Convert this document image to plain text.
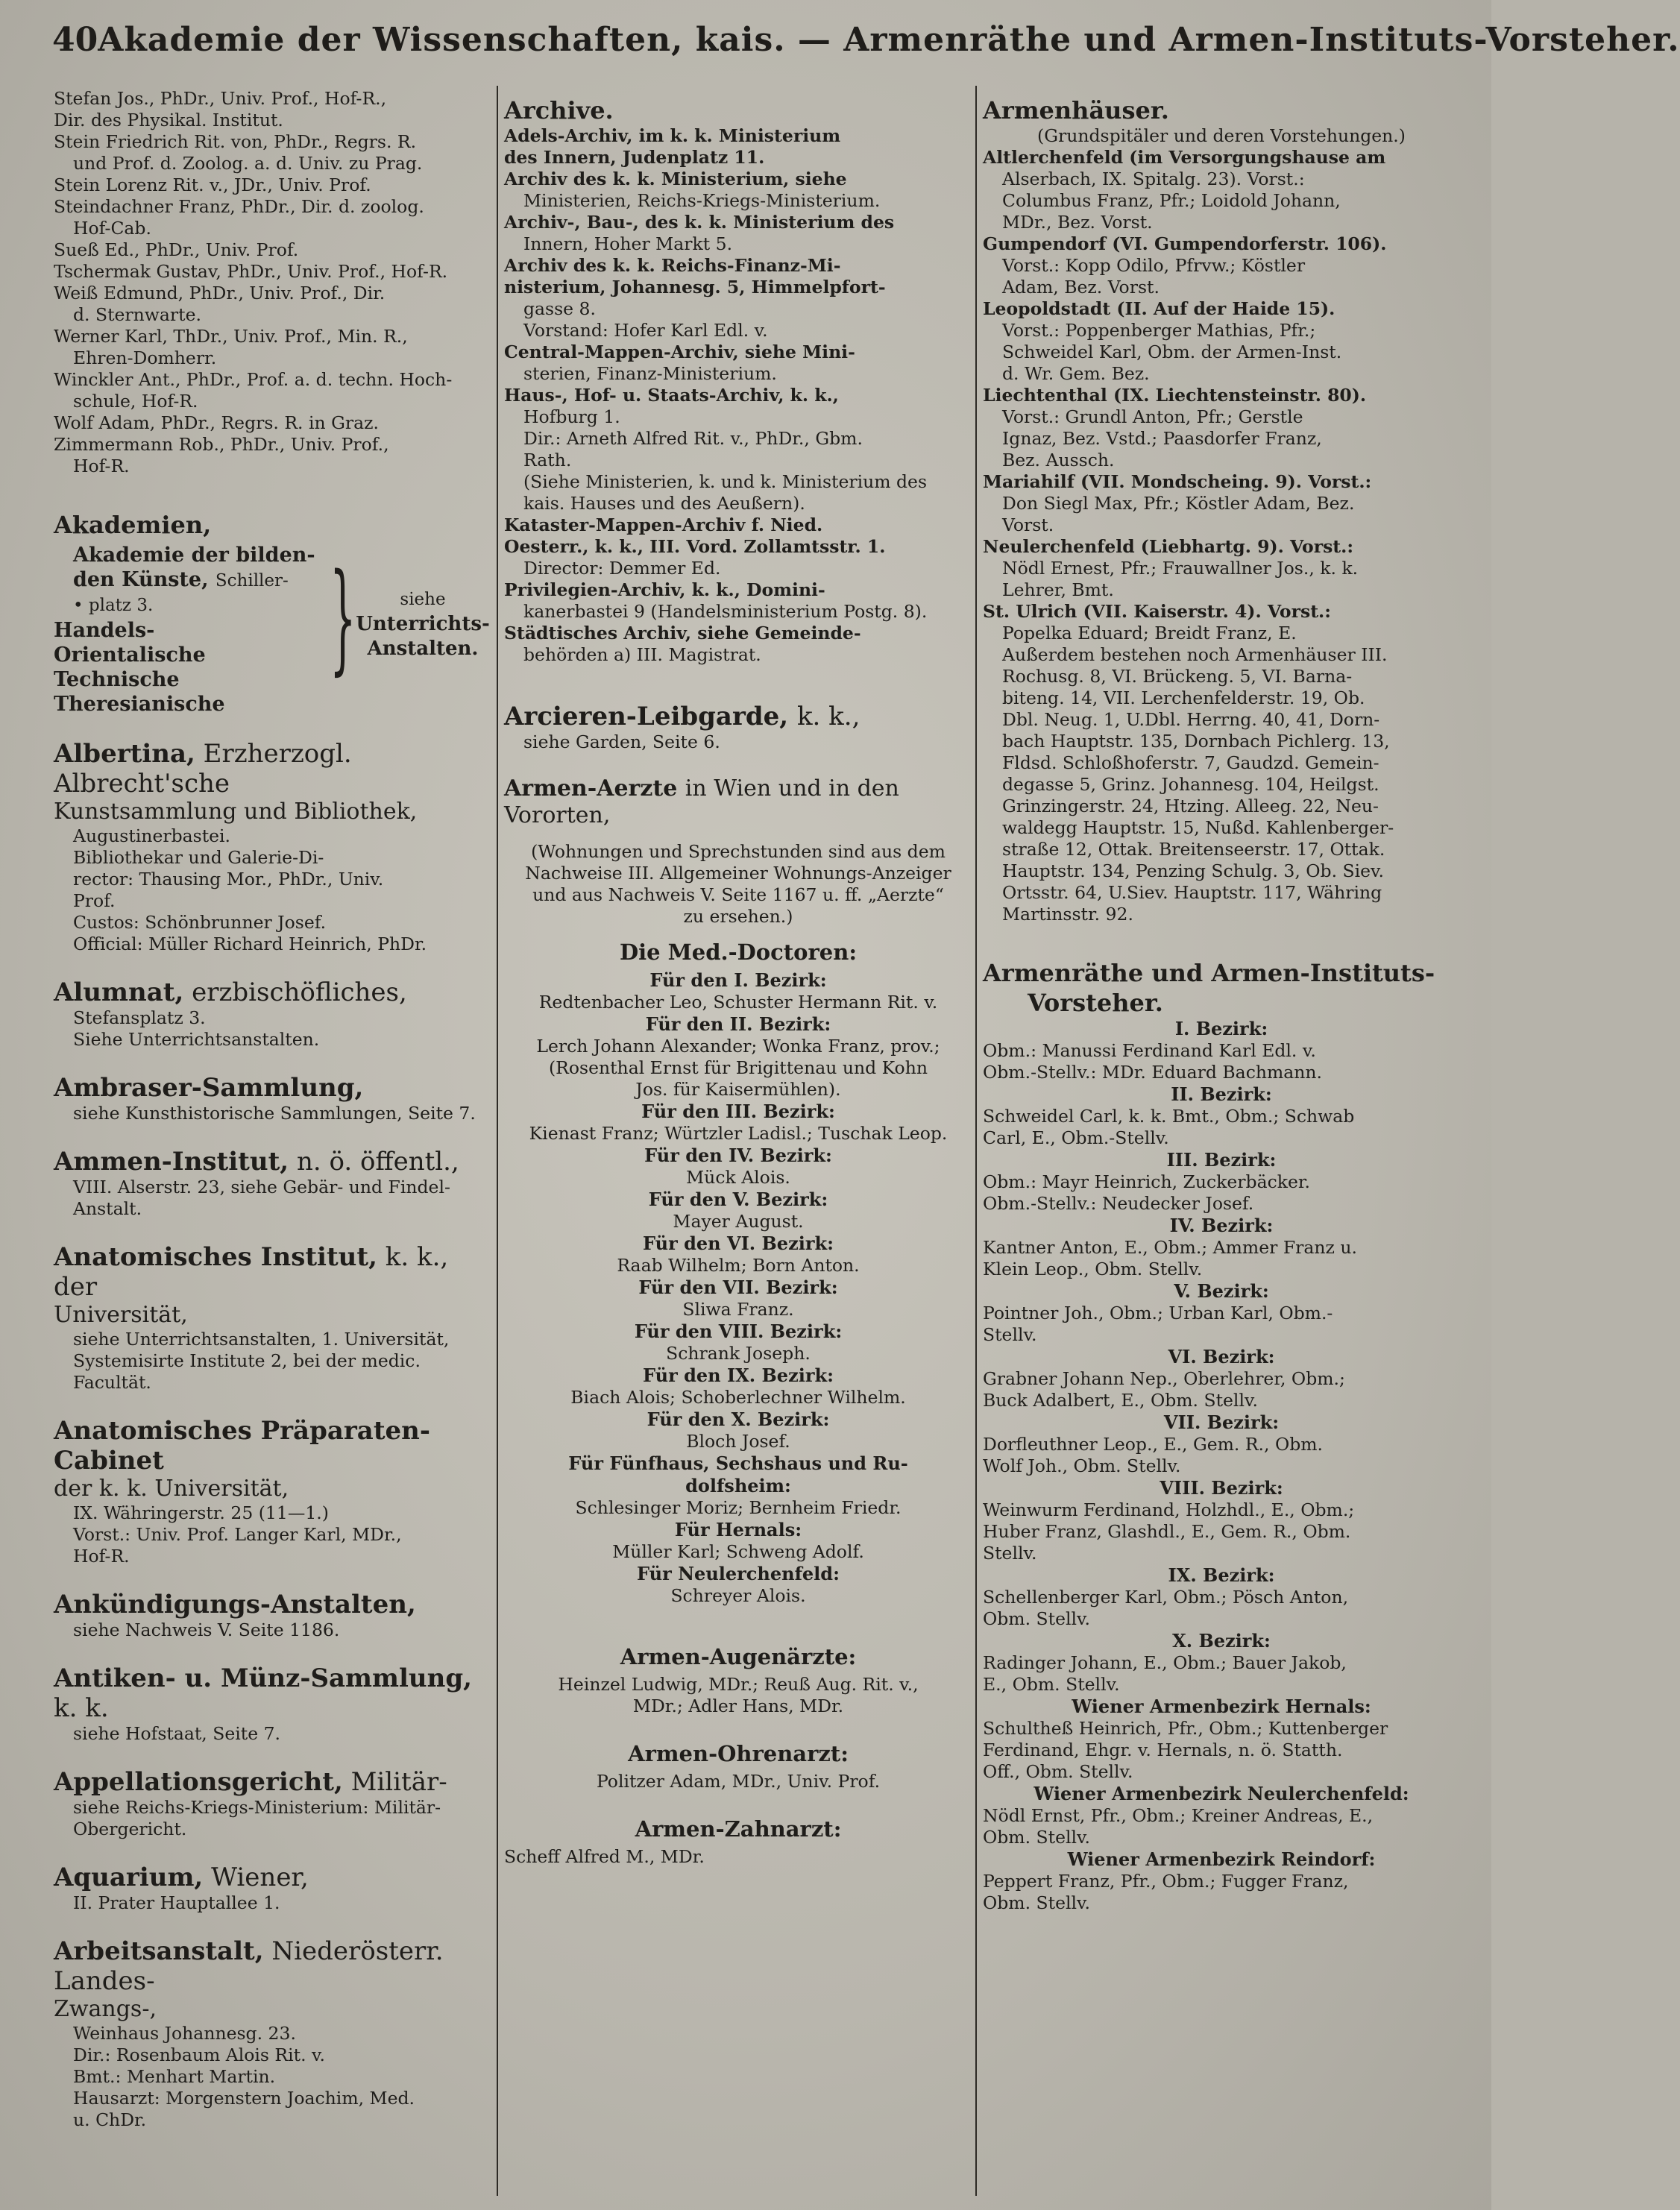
40 Akademie der Wissenschaften, kais. — Armenräthe und Armen-Instituts-Vorsteher.
Stefan Jos., PhDr., Univ. Prof., Hof-R.,
Dir. des Physikal. Institut.
Stein Friedrich Rit. von, PhDr., Regrs. R.
und Prof. d. Zoolog. a. d. Univ. zu Prag.
Stein Lorenz Rit. v., JDr., Univ. Prof.
Steindachner Franz, PhDr., Dir. d. zoolog.
Hof-Cab.
Sueß Ed., PhDr., Univ. Prof.
Tschermak Gustav, PhDr., Univ. Prof., Hof-R.
Weiß Edmund, PhDr., Univ. Prof., Dir.
d. Sternwarte.
Werner Karl, ThDr., Univ. Prof., Min. R.,
Ehren-Domherr.
Winckler Ant., PhDr., Prof. a. d. techn. Hoch-
schule, Hof-R.
Wolf Adam, PhDr., Regrs. R. in Graz.
Zimmermann Rob., PhDr., Univ. Prof.,
Hof-R.
Akademien,
Akademie der bilden-
den Künste, Schiller-
• platz 3.
Handels-
Orientalische
Technische
Theresianische
}	siehe
Unterrichts-
Anstalten.
Albertina, Erzherzogl. Albrecht'sche
Kunstsammlung und Bibliothek,
Augustinerbastei.
Bibliothekar und Galerie-Di-
rector: Thausing Mor., PhDr., Univ.
Prof.
Custos: Schönbrunner Josef.
Official: Müller Richard Heinrich, PhDr.
Alumnat, erzbischöfliches,
Stefansplatz 3.
Siehe Unterrichtsanstalten.
Ambraser-Sammlung,
siehe Kunsthistorische Sammlungen, Seite 7.
Ammen-Institut, n. ö. öffentl.,
VIII. Alserstr. 23, siehe Gebär- und Findel-
Anstalt.
Anatomisches Institut, k. k., der
Universität,
siehe Unterrichtsanstalten, 1. Universität,
Systemisirte Institute 2, bei der medic.
Facultät.
Anatomisches Präparaten-Cabinet
der k. k. Universität,
IX. Währingerstr. 25 (11—1.)
Vorst.: Univ. Prof. Langer Karl, MDr.,
Hof-R.
Ankündigungs-Anstalten,
siehe Nachweis V. Seite 1186.
Antiken- u. Münz-Sammlung, k. k.
siehe Hofstaat, Seite 7.
Appellationsgericht, Militär-
siehe Reichs-Kriegs-Ministerium: Militär-
Obergericht.
Aquarium, Wiener,
II. Prater Hauptallee 1.
Arbeitsanstalt, Niederösterr. Landes-
Zwangs-,
Weinhaus Johannesg. 23.
Dir.: Rosenbaum Alois Rit. v.
Bmt.: Menhart Martin.
Hausarzt: Morgenstern Joachim, Med.
u. ChDr.
Archive.
Adels-Archiv, im k. k. Ministerium
des Innern, Judenplatz 11.
Archiv des k. k. Ministerium, siehe
Ministerien, Reichs-Kriegs-Ministerium.
Archiv-, Bau-, des k. k. Ministerium des
Innern, Hoher Markt 5.
Archiv des k. k. Reichs-Finanz-Mi-
nisterium, Johannesg. 5, Himmelpfort-
gasse 8.
Vorstand: Hofer Karl Edl. v.
Central-Mappen-Archiv, siehe Mini-
sterien, Finanz-Ministerium.
Haus-, Hof- u. Staats-Archiv, k. k.,
Hofburg 1.
Dir.: Arneth Alfred Rit. v., PhDr., Gbm.
Rath.
(Siehe Ministerien, k. und k. Ministerium des
kais. Hauses und des Aeußern).
Kataster-Mappen-Archiv f. Nied.
Oesterr., k. k., III. Vord. Zollamtsstr. 1.
Director: Demmer Ed.
Privilegien-Archiv, k. k., Domini-
kanerbastei 9 (Handelsministerium Postg. 8).
Städtisches Archiv, siehe Gemeinde-
behörden a) III. Magistrat.
Arcieren-Leibgarde, k. k.,
siehe Garden, Seite 6.
Armen-Aerzte in Wien und in den
Vororten,
(Wohnungen und Sprechstunden sind aus dem
Nachweise III. Allgemeiner Wohnungs-Anzeiger
und aus Nachweis V. Seite 1167 u. ff. „Aerzte“
zu ersehen.)
Die Med.-Doctoren:
Für den I. Bezirk:
Redtenbacher Leo, Schuster Hermann Rit. v.
Für den II. Bezirk:
Lerch Johann Alexander; Wonka Franz, prov.;
(Rosenthal Ernst für Brigittenau und Kohn
Jos. für Kaisermühlen).
Für den III. Bezirk:
Kienast Franz; Würtzler Ladisl.; Tuschak Leop.
Für den IV. Bezirk:
Mück Alois.
Für den V. Bezirk:
Mayer August.
Für den VI. Bezirk:
Raab Wilhelm; Born Anton.
Für den VII. Bezirk:
Sliwa Franz.
Für den VIII. Bezirk:
Schrank Joseph.
Für den IX. Bezirk:
Biach Alois; Schoberlechner Wilhelm.
Für den X. Bezirk:
Bloch Josef.
Für Fünfhaus, Sechshaus und Ru-
dolfsheim:
Schlesinger Moriz; Bernheim Friedr.
Für Hernals:
Müller Karl; Schweng Adolf.
Für Neulerchenfeld:
Schreyer Alois.
Armen-Augenärzte:
Heinzel Ludwig, MDr.; Reuß Aug. Rit. v.,
MDr.; Adler Hans, MDr.
Armen-Ohrenarzt:
Politzer Adam, MDr., Univ. Prof.
Armen-Zahnarzt:
Scheff Alfred M., MDr.
Armenhäuser.
(Grundspitäler und deren Vorstehungen.)
Altlerchenfeld (im Versorgungshause am
Alserbach, IX. Spitalg. 23). Vorst.:
Columbus Franz, Pfr.; Loidold Johann,
MDr., Bez. Vorst.
Gumpendorf (VI. Gumpendorferstr. 106).
Vorst.: Kopp Odilo, Pfrvw.; Köstler
Adam, Bez. Vorst.
Leopoldstadt (II. Auf der Haide 15).
Vorst.: Poppenberger Mathias, Pfr.;
Schweidel Karl, Obm. der Armen-Inst.
d. Wr. Gem. Bez.
Liechtenthal (IX. Liechtensteinstr. 80).
Vorst.: Grundl Anton, Pfr.; Gerstle
Ignaz, Bez. Vstd.; Paasdorfer Franz,
Bez. Aussch.
Mariahilf (VII. Mondscheing. 9). Vorst.:
Don Siegl Max, Pfr.; Köstler Adam, Bez.
Vorst.
Neulerchenfeld (Liebhartg. 9). Vorst.:
Nödl Ernest, Pfr.; Frauwallner Jos., k. k.
Lehrer, Bmt.
St. Ulrich (VII. Kaiserstr. 4). Vorst.:
Popelka Eduard; Breidt Franz, E.
Außerdem bestehen noch Armenhäuser III.
Rochusg. 8, VI. Brückeng. 5, VI. Barna-
biteng. 14, VII. Lerchenfelderstr. 19, Ob.
Dbl. Neug. 1, U.Dbl. Herrng. 40, 41, Dorn-
bach Hauptstr. 135, Dornbach Pichlerg. 13,
Fldsd. Schloßhoferstr. 7, Gaudzd. Gemein-
degasse 5, Grinz. Johannesg. 104, Heilgst.
Grinzingerstr. 24, Htzing. Alleeg. 22, Neu-
waldegg Hauptstr. 15, Nußd. Kahlenberger-
straße 12, Ottak. Breitenseerstr. 17, Ottak.
Hauptstr. 134, Penzing Schulg. 3, Ob. Siev.
Ortsstr. 64, U.Siev. Hauptstr. 117, Währing
Martinsstr. 92.
Armenräthe und Armen-Instituts-
Vorsteher.
I. Bezirk:
Obm.: Manussi Ferdinand Karl Edl. v.
Obm.-Stellv.: MDr. Eduard Bachmann.
II. Bezirk:
Schweidel Carl, k. k. Bmt., Obm.; Schwab
Carl, E., Obm.-Stellv.
III. Bezirk:
Obm.: Mayr Heinrich, Zuckerbäcker.
Obm.-Stellv.: Neudecker Josef.
IV. Bezirk:
Kantner Anton, E., Obm.; Ammer Franz u.
Klein Leop., Obm. Stellv.
V. Bezirk:
Pointner Joh., Obm.; Urban Karl, Obm.-
Stellv.
VI. Bezirk:
Grabner Johann Nep., Oberlehrer, Obm.;
Buck Adalbert, E., Obm. Stellv.
VII. Bezirk:
Dorfleuthner Leop., E., Gem. R., Obm.
Wolf Joh., Obm. Stellv.
VIII. Bezirk:
Weinwurm Ferdinand, Holzhdl., E., Obm.;
Huber Franz, Glashdl., E., Gem. R., Obm.
Stellv.
IX. Bezirk:
Schellenberger Karl, Obm.; Pösch Anton,
Obm. Stellv.
X. Bezirk:
Radinger Johann, E., Obm.; Bauer Jakob,
E., Obm. Stellv.
Wiener Armenbezirk Hernals:
Schultheß Heinrich, Pfr., Obm.; Kuttenberger
Ferdinand, Ehgr. v. Hernals, n. ö. Statth.
Off., Obm. Stellv.
Wiener Armenbezirk Neulerchenfeld:
Nödl Ernst, Pfr., Obm.; Kreiner Andreas, E.,
Obm. Stellv.
Wiener Armenbezirk Reindorf:
Peppert Franz, Pfr., Obm.; Fugger Franz,
Obm. Stellv.
